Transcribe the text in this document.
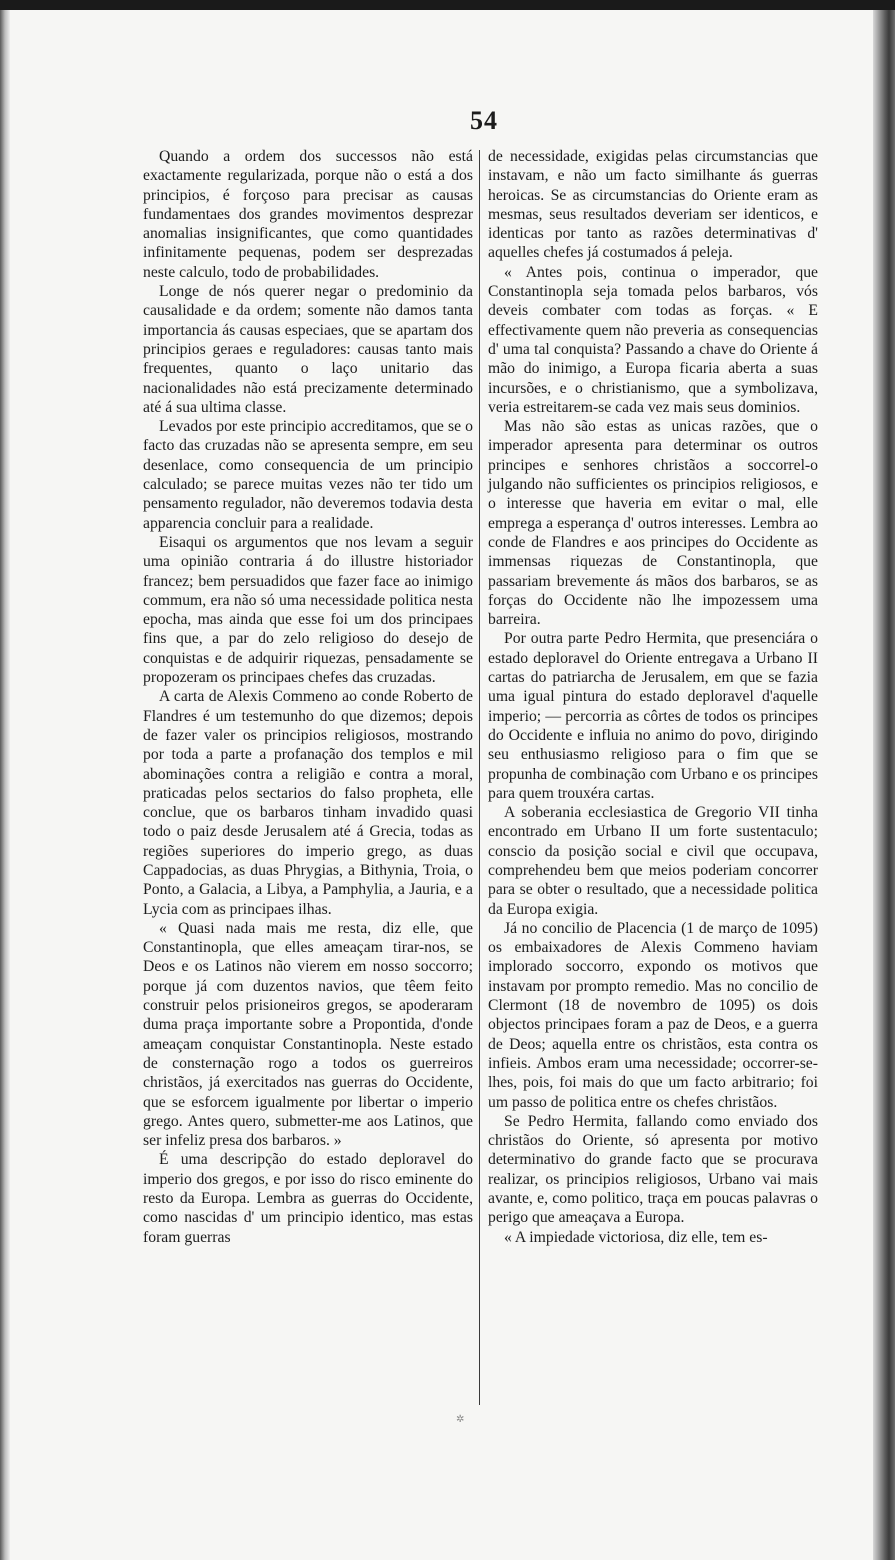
54

Quando a ordem dos successos não está exactamente regularizada, porque não o está a dos principios, é forçoso para precisar as causas fundamentaes dos grandes movimentos desprezar anomalias insignificantes, que como quantidades infinitamente pequenas, podem ser desprezadas neste calculo, todo de probabilidades.

Longe de nós querer negar o predominio da causalidade e da ordem; somente não damos tanta importancia ás causas especiaes, que se apartam dos principios geraes e reguladores: causas tanto mais frequentes, quanto o laço unitario das nacionalidades não está precizamente determinado até á sua ultima classe.

Levados por este principio accreditamos, que se o facto das cruzadas não se apresenta sempre, em seu desenlace, como consequencia de um principio calculado; se parece muitas vezes não ter tido um pensamento regulador, não deveremos todavia desta apparencia concluir para a realidade.

Eisaqui os argumentos que nos levam a seguir uma opinião contraria á do illustre historiador francez; bem persuadidos que fazer face ao inimigo commum, era não só uma necessidade politica nesta epocha, mas ainda que esse foi um dos principaes fins que, a par do zelo religioso do desejo de conquistas e de adquirir riquezas, pensadamente se propozeram os principaes chefes das cruzadas.

A carta de Alexis Commeno ao conde Roberto de Flandres é um testemunho do que dizemos; depois de fazer valer os principios religiosos, mostrando por toda a parte a profanação dos templos e mil abominações contra a religião e contra a moral, praticadas pelos sectarios do falso propheta, elle conclue, que os barbaros tinham invadido quasi todo o paiz desde Jerusalem até á Grecia, todas as regiões superiores do imperio grego, as duas Cappadocias, as duas Phrygias, a Bithynia, Troia, o Ponto, a Galacia, a Libya, a Pamphylia, a Jauria, e a Lycia com as principaes ilhas.

« Quasi nada mais me resta, diz elle, que Constantinopla, que elles ameaçam tirar-nos, se Deos e os Latinos não vierem em nosso soccorro; porque já com duzentos navios, que têem feito construir pelos prisioneiros gregos, se apoderaram duma praça importante sobre a Propontida, d'onde ameaçam conquistar Constantinopla. Neste estado de consternação rogo a todos os guerreiros christãos, já exercitados nas guerras do Occidente, que se esforcem igualmente por libertar o imperio grego. Antes quero, submetter-me aos Latinos, que ser infeliz presa dos barbaros. »

É uma descripção do estado deploravel do imperio dos gregos, e por isso do risco eminente do resto da Europa. Lembra as guerras do Occidente, como nascidas d' um principio identico, mas estas foram guerras

de necessidade, exigidas pelas circumstancias que instavam, e não um facto similhante ás guerras heroicas. Se as circumstancias do Oriente eram as mesmas, seus resultados deveriam ser identicos, e identicas por tanto as razões determinativas d' aquelles chefes já costumados á peleja.

« Antes pois, continua o imperador, que Constantinopla seja tomada pelos barbaros, vós deveis combater com todas as forças. « E effectivamente quem não preveria as consequencias d' uma tal conquista? Passando a chave do Oriente á mão do inimigo, a Europa ficaria aberta a suas incursões, e o christianismo, que a symbolizava, veria estreitarem-se cada vez mais seus dominios.

Mas não são estas as unicas razões, que o imperador apresenta para determinar os outros principes e senhores christãos a soccorrel-o julgando não sufficientes os principios religiosos, e o interesse que haveria em evitar o mal, elle emprega a esperança d' outros interesses. Lembra ao conde de Flandres e aos principes do Occidente as immensas riquezas de Constantinopla, que passariam brevemente ás mãos dos barbaros, se as forças do Occidente não lhe impozessem uma barreira.

Por outra parte Pedro Hermita, que presenciára o estado deploravel do Oriente entregava a Urbano II cartas do patriarcha de Jerusalem, em que se fazia uma igual pintura do estado deploravel d'aquelle imperio; — percorria as côrtes de todos os principes do Occidente e influia no animo do povo, dirigindo seu enthusiasmo religioso para o fim que se propunha de combinação com Urbano e os principes para quem trouxéra cartas.

A soberania ecclesiastica de Gregorio VII tinha encontrado em Urbano II um forte sustentaculo; conscio da posição social e civil que occupava, comprehendeu bem que meios poderiam concorrer para se obter o resultado, que a necessidade politica da Europa exigia.

Já no concilio de Placencia (1 de março de 1095) os embaixadores de Alexis Commeno haviam implorado soccorro, expondo os motivos que instavam por prompto remedio. Mas no concilio de Clermont (18 de novembro de 1095) os dois objectos principaes foram a paz de Deos, e a guerra de Deos; aquella entre os christãos, esta contra os infieis. Ambos eram uma necessidade; occorrer-se-lhes, pois, foi mais do que um facto arbitrario; foi um passo de politica entre os chefes christãos.

Se Pedro Hermita, fallando como enviado dos christãos do Oriente, só apresenta por motivo determinativo do grande facto que se procurava realizar, os principios religiosos, Urbano vai mais avante, e, como politico, traça em poucas palavras o perigo que ameaçava a Europa.

« A impiedade victoriosa, diz elle, tem es-

✲
